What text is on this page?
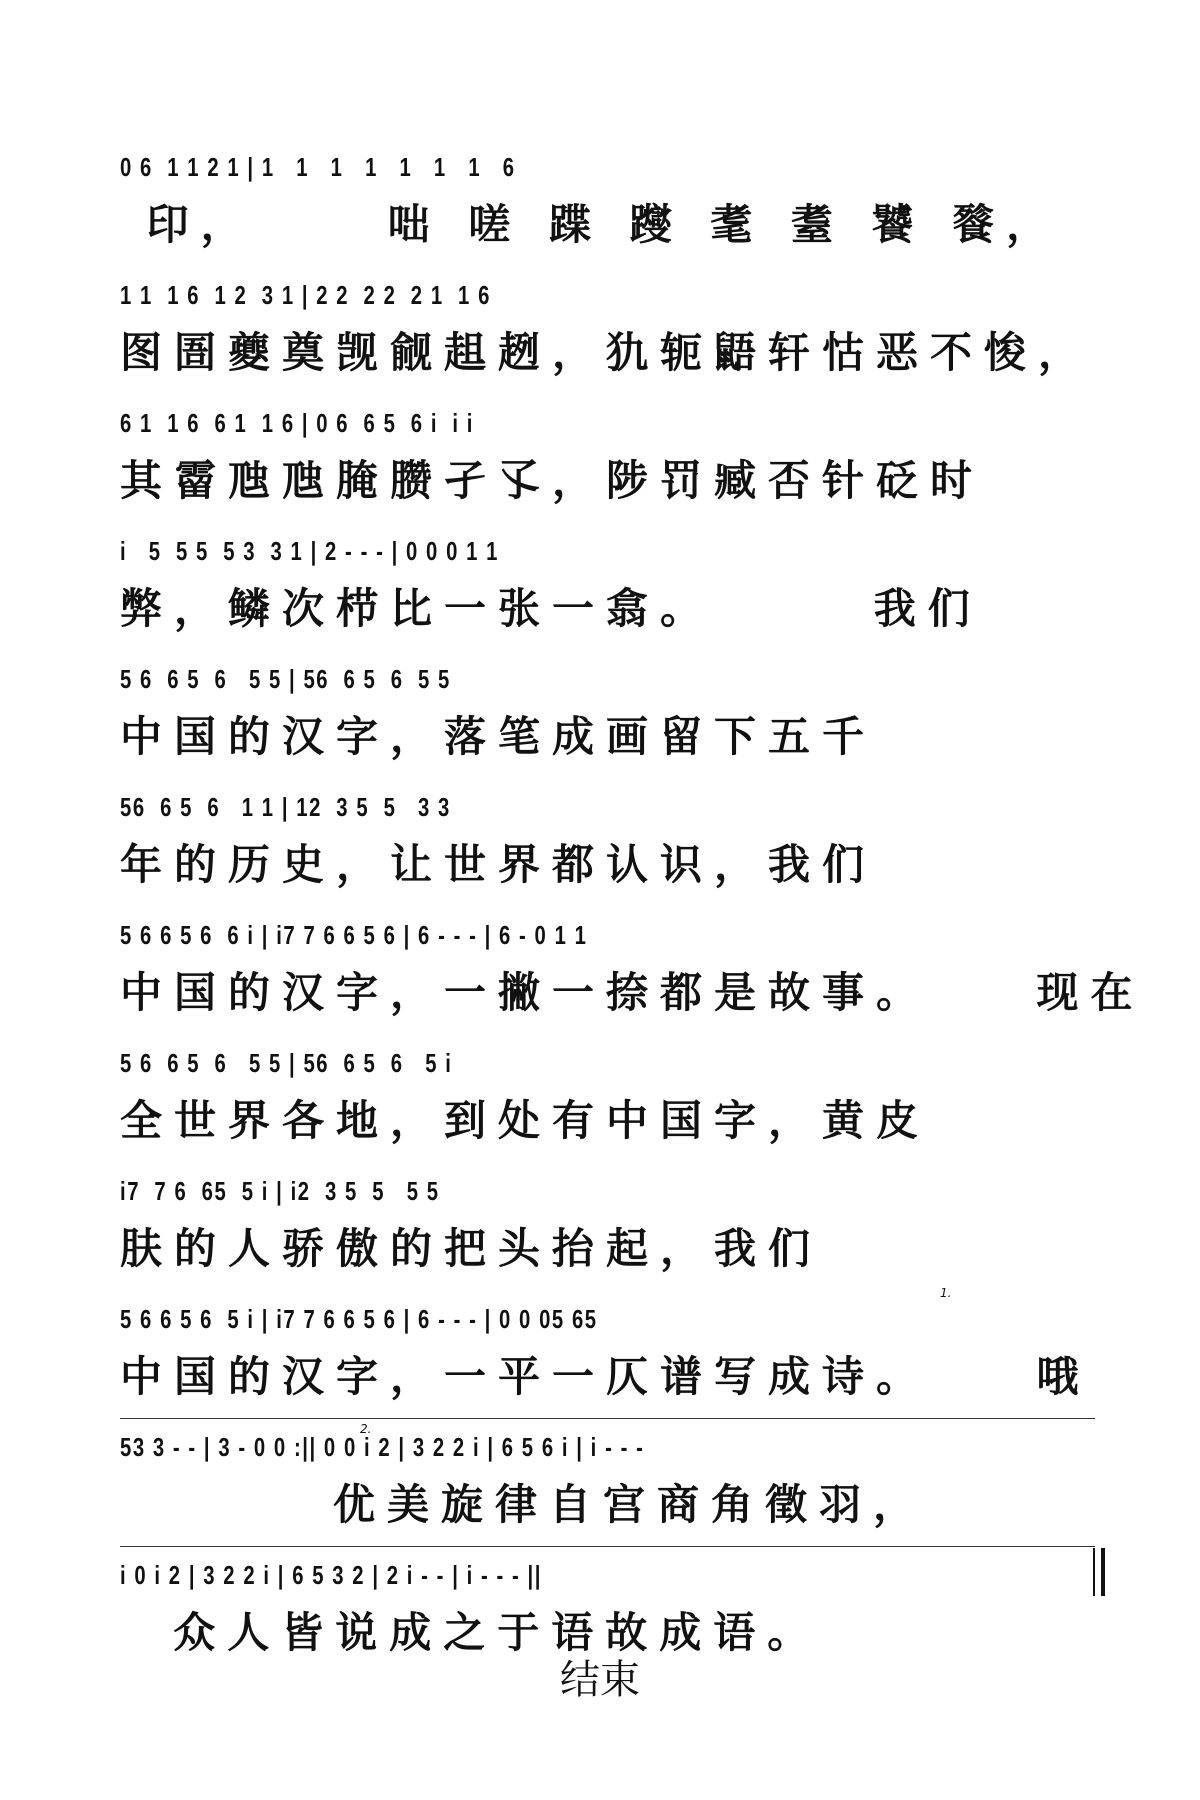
0 6  1 1 2 1 | 1   1   1   1   1   1   1   6
印，     咄 嗟 蹀 躞 耄 耋 饕 餮，
1 1  1 6  1 2  3 1 | 2 2  2 2  2 1  1 6
图圄夔奠觊觎趄趔，犰轭鼯轩怙恶不悛，
6 1  1 6  6 1  1 6 | 0 6  6 5  6 i  i i
其霤虺虺腌臜孑孓，陟罚臧否针砭时
i   5  5 5  5 3  3 1 | 2 - - - | 0 0 0 1 1
弊，鳞次栉比一张一翕。      我们
5 6  6 5  6   5 5 | 56  6 5  6  5 5
中国的汉字，落笔成画留下五千
56  6 5  6   1 1 | 12  3 5  5   3 3
年的历史，让世界都认识，我们
5 6 6 5 6  6 i | i7 7 6 6 5 6 | 6 - - - | 6 - 0 1 1
中国的汉字，一撇一捺都是故事。    现在
5 6  6 5  6   5 5 | 56  6 5  6   5 i
全世界各地，到处有中国字，黄皮
i7  7 6  65  5 i | i2  3 5  5   5 5
肤的人骄傲的把头抬起，我们
1.
5 6 6 5 6  5 i | i7 7 6 6 5 6 | 6 - - - | 0 0 05 65
中国的汉字，一平一仄谱写成诗。    哦
2.
53 3 - - | 3 - 0 0 :|| 0 0 i 2 | 3 2 2 i | 6 5 6 i | i - - -
优美旋律自宫商角徵羽，
i 0 i 2 | 3 2 2 i | 6 5 3 2 | 2 i - - | i - - - ||
众人皆说成之于语故成语。
结束
